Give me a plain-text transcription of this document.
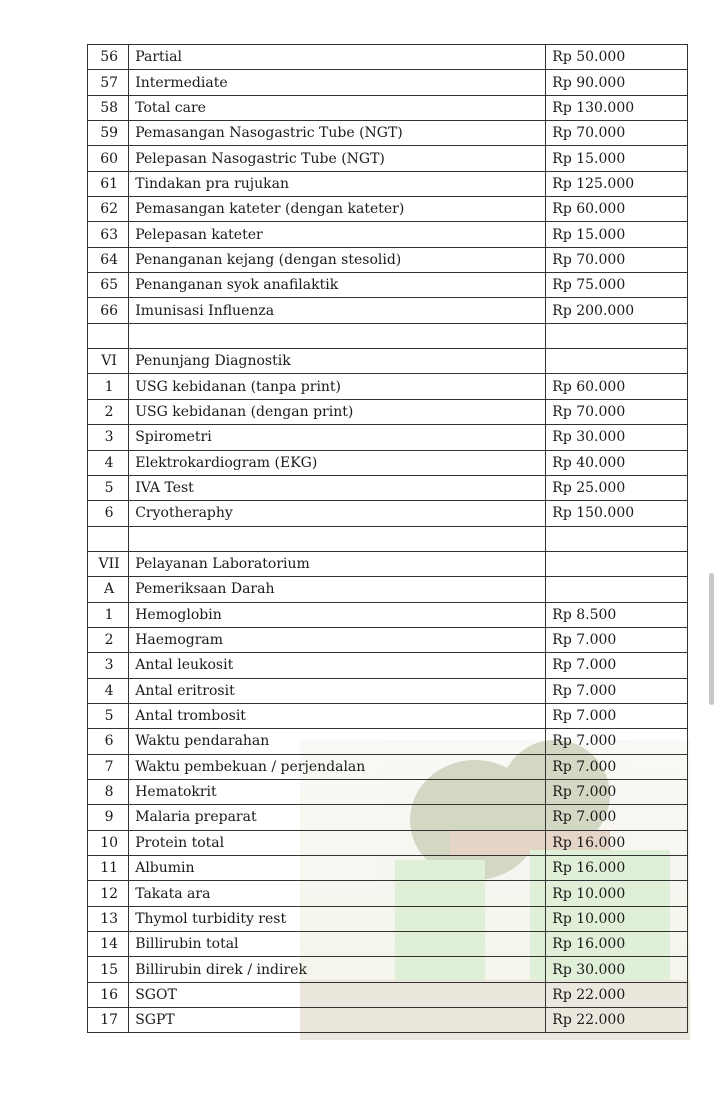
56	Partial	Rp 50.000
57	Intermediate	Rp 90.000
58	Total care	Rp 130.000
59	Pemasangan Nasogastric Tube (NGT)	Rp 70.000
60	Pelepasan Nasogastric Tube (NGT)	Rp 15.000
61	Tindakan pra rujukan	Rp 125.000
62	Pemasangan kateter (dengan kateter)	Rp 60.000
63	Pelepasan kateter	Rp 15.000
64	Penanganan kejang (dengan stesolid)	Rp 70.000
65	Penanganan syok anafilaktik	Rp 75.000
66	Imunisasi Influenza	Rp 200.000

VI	Penunjang Diagnostik	
1	USG kebidanan (tanpa print)	Rp 60.000
2	USG kebidanan (dengan print)	Rp 70.000
3	Spirometri	Rp 30.000
4	Elektrokardiogram (EKG)	Rp 40.000
5	IVA Test	Rp 25.000
6	Cryotheraphy	Rp 150.000

VII	Pelayanan Laboratorium	
A	Pemeriksaan Darah	
1	Hemoglobin	Rp 8.500
2	Haemogram	Rp 7.000
3	Antal leukosit	Rp 7.000
4	Antal eritrosit	Rp 7.000
5	Antal trombosit	Rp 7.000
6	Waktu pendarahan	Rp 7.000
7	Waktu pembekuan / perjendalan	Rp 7.000
8	Hematokrit	Rp 7.000
9	Malaria preparat	Rp 7.000
10	Protein total	Rp 16.000
11	Albumin	Rp 16.000
12	Takata ara	Rp 10.000
13	Thymol turbidity rest	Rp 10.000
14	Billirubin total	Rp 16.000
15	Billirubin direk / indirek	Rp 30.000
16	SGOT	Rp 22.000
17	SGPT	Rp 22.000
